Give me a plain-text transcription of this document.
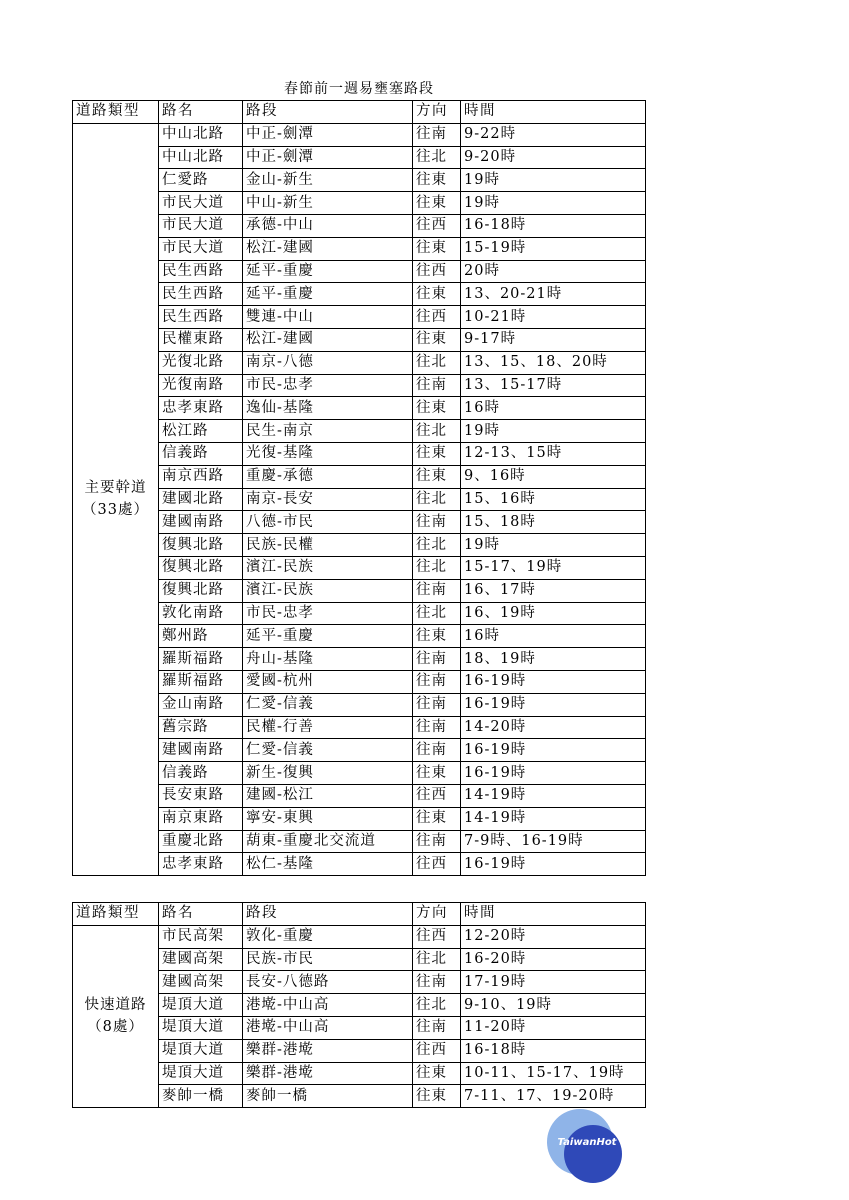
春節前一週易壅塞路段
道路類型	路名	路段	方向	時間

主要幹道
（33處）	中山北路	中正-劍潭	往南	9-22時
	中山北路	中正-劍潭	往北	9-20時
	仁愛路	金山-新生	往東	19時
	市民大道	中山-新生	往東	19時
	市民大道	承德-中山	往西	16-18時
	市民大道	松江-建國	往東	15-19時
	民生西路	延平-重慶	往西	20時
	民生西路	延平-重慶	往東	13、20-21時
	民生西路	雙連-中山	往西	10-21時
	民權東路	松江-建國	往東	9-17時
	光復北路	南京-八德	往北	13、15、18、20時
	光復南路	市民-忠孝	往南	13、15-17時
	忠孝東路	逸仙-基隆	往東	16時
	松江路	民生-南京	往北	19時
	信義路	光復-基隆	往東	12-13、15時
	南京西路	重慶-承德	往東	9、16時
	建國北路	南京-長安	往北	15、16時
	建國南路	八德-市民	往南	15、18時
	復興北路	民族-民權	往北	19時
	復興北路	濱江-民族	往北	15-17、19時
	復興北路	濱江-民族	往南	16、17時
	敦化南路	市民-忠孝	往北	16、19時
	鄭州路	延平-重慶	往東	16時
	羅斯福路	舟山-基隆	往南	18、19時
	羅斯福路	愛國-杭州	往南	16-19時
	金山南路	仁愛-信義	往南	16-19時
	舊宗路	民權-行善	往南	14-20時
	建國南路	仁愛-信義	往南	16-19時
	信義路	新生-復興	往東	16-19時
	長安東路	建國-松江	往西	14-19時
	南京東路	寧安-東興	往東	14-19時
	重慶北路	葫東-重慶北交流道	往南	7-9時、16-19時
	忠孝東路	松仁-基隆	往西	16-19時
道路類型	路名	路段	方向	時間

快速道路
（8處）	市民高架	敦化-重慶	往西	12-20時
	建國高架	民族-市民	往北	16-20時
	建國高架	長安-八德路	往南	17-19時
	堤頂大道	港墘-中山高	往北	9-10、19時
	堤頂大道	港墘-中山高	往南	11-20時
	堤頂大道	樂群-港墘	往西	16-18時
	堤頂大道	樂群-港墘	往東	10-11、15-17、19時
	麥帥一橋	麥帥一橋	往東	7-11、17、19-20時
TaiwanHot
